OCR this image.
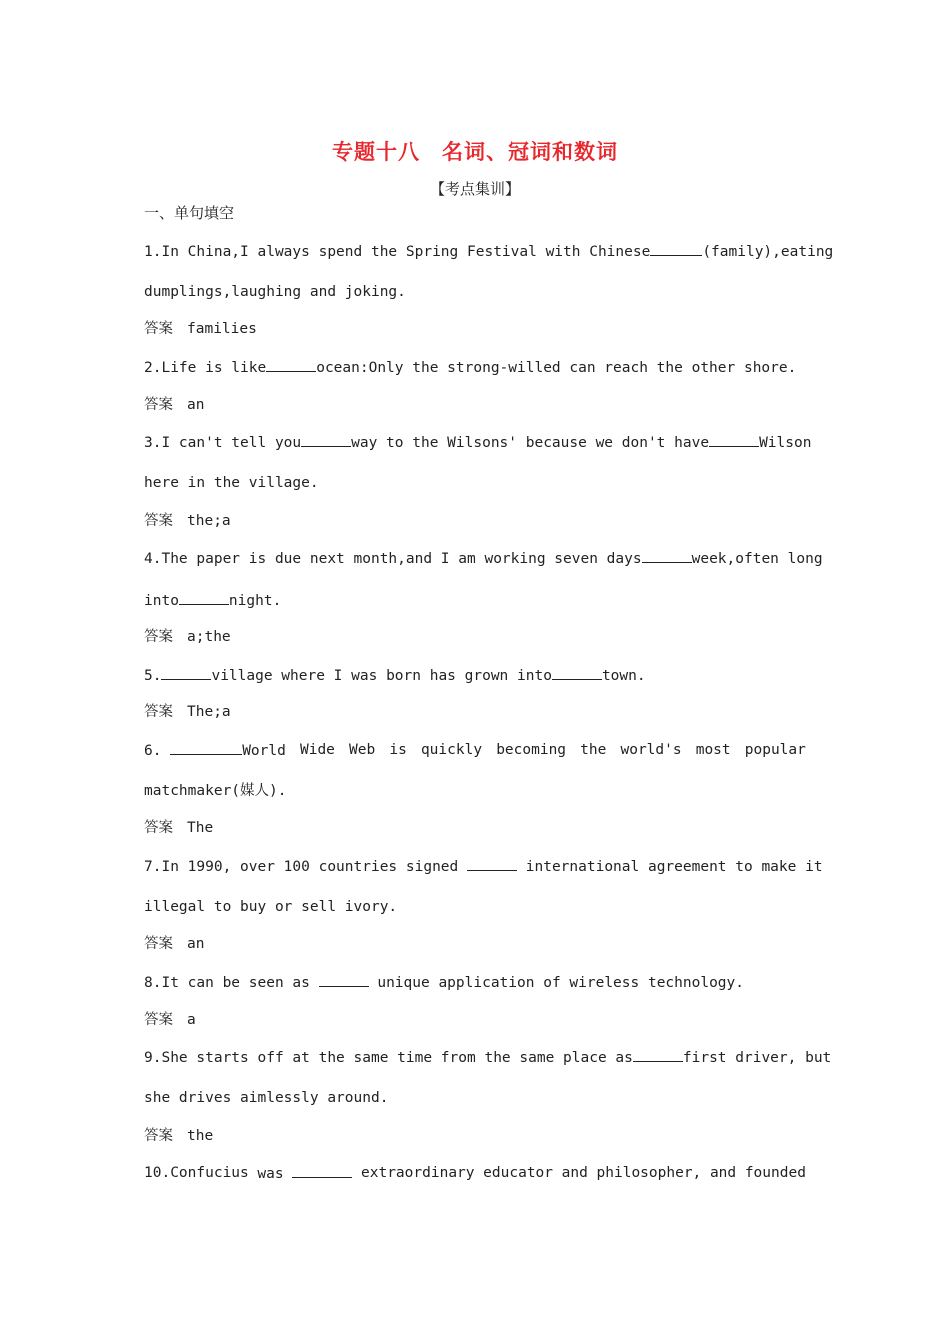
专题十八　名词、冠词和数词
【考点集训】
一、单句填空
1.In China,I always spend the Spring Festival with Chinese	(family),eating
dumplings,laughing and joking.
答案 families
2.Life is like	ocean:Only the strong-willed can reach the other shore.
答案 an
3.I can't tell you	way to the Wilsons' because we don't have	Wilson
here in the village.
答案 the;a
4.The paper is due next month,and I am working seven days	week,often long
into	night.
答案 a;the
5.	village where I was born has grown into	town.
答案 The;a
6.	World Wide Web is quickly becoming the world's most popular
matchmaker(媒人).
答案 The
7.In 1990, over 100 countries signed	international agreement to make it
illegal to buy or sell ivory.
答案 an
8.It can be seen as	unique application of wireless technology.
答案 a
9.She starts off at the same time from the same place as	first driver, but
she drives aimlessly around.
答案 the
10.Confucius was	extraordinary educator and philosopher, and founded
